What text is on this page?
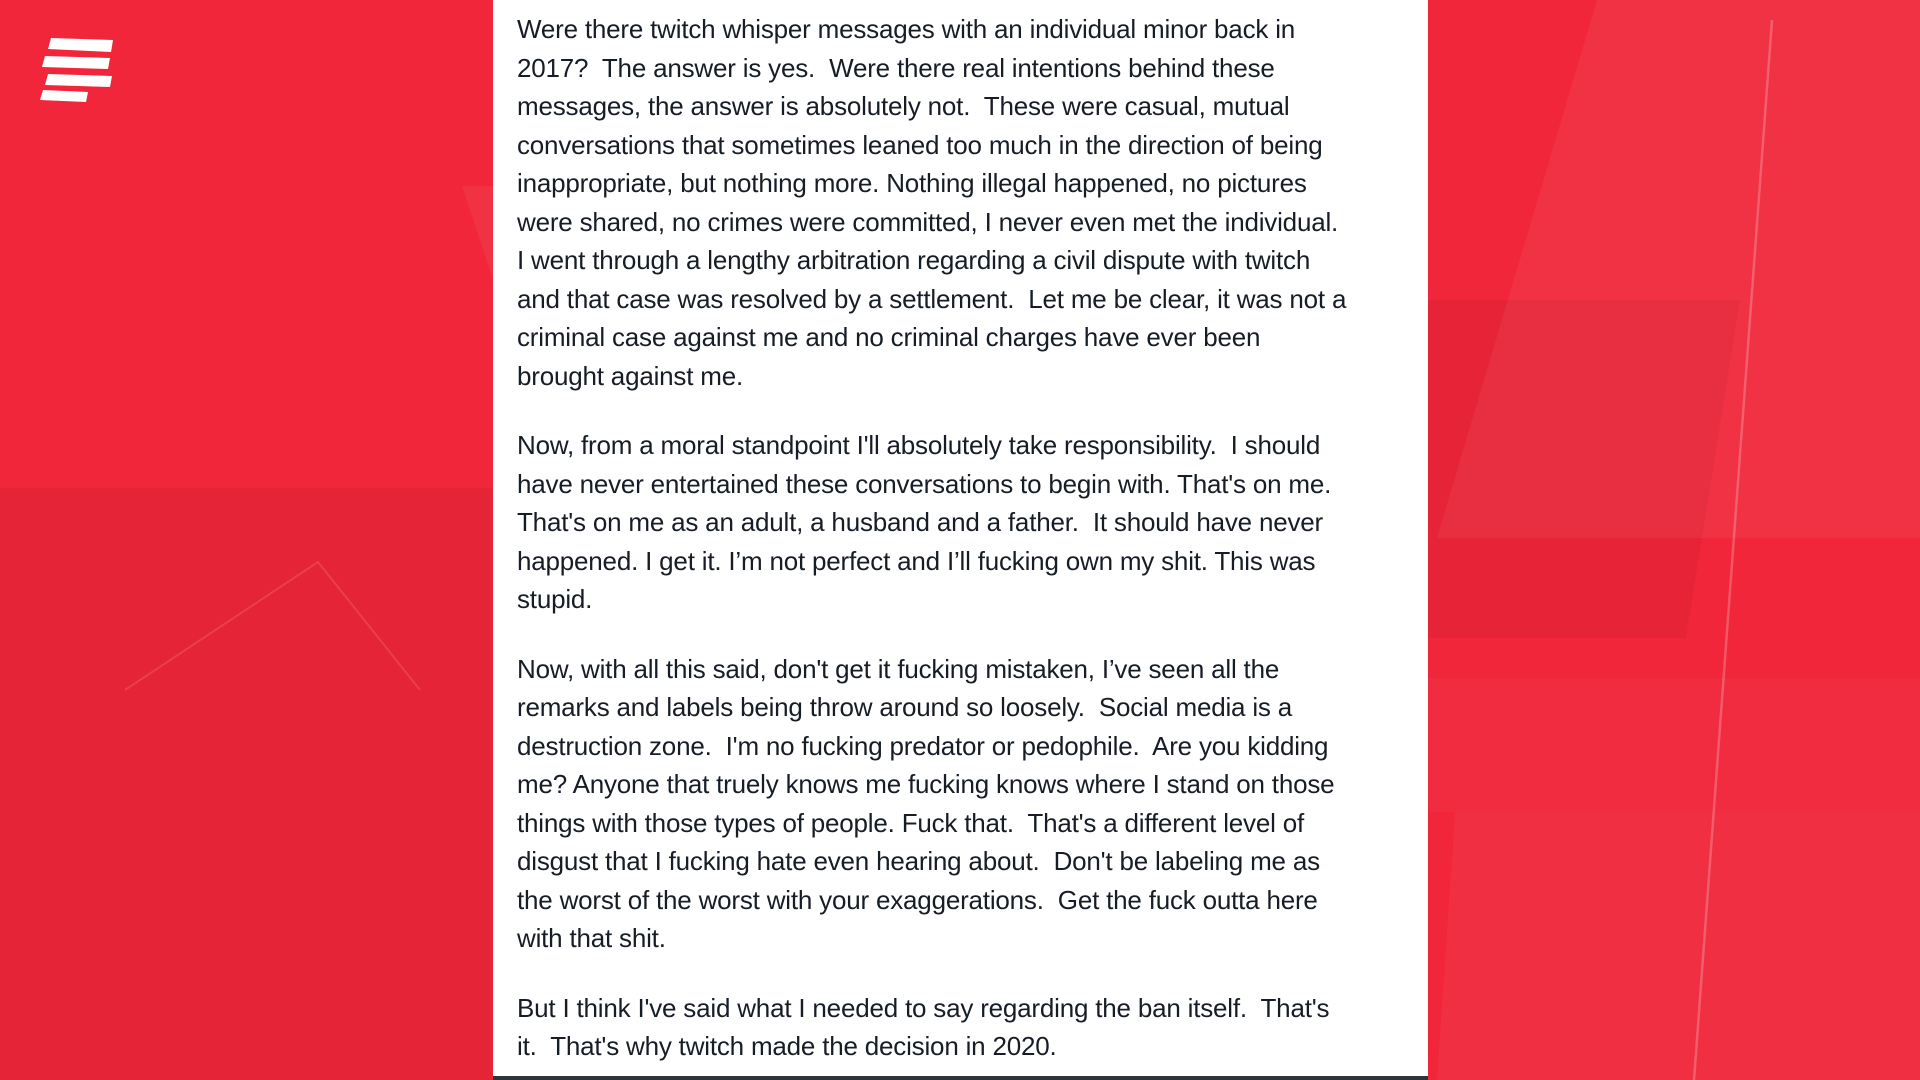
Were there twitch whisper messages with an individual minor back in
2017?  The answer is yes.  Were there real intentions behind these
messages, the answer is absolutely not.  These were casual, mutual
conversations that sometimes leaned too much in the direction of being
inappropriate, but nothing more. Nothing illegal happened, no pictures
were shared, no crimes were committed, I never even met the individual.
I went through a lengthy arbitration regarding a civil dispute with twitch
and that case was resolved by a settlement.  Let me be clear, it was not a
criminal case against me and no criminal charges have ever been
brought against me.
Now, from a moral standpoint I'll absolutely take responsibility.  I should
have never entertained these conversations to begin with. That's on me.
That's on me as an adult, a husband and a father.  It should have never
happened. I get it. I’m not perfect and I’ll fucking own my shit. This was
stupid.
Now, with all this said, don't get it fucking mistaken, I’ve seen all the
remarks and labels being throw around so loosely.  Social media is a
destruction zone.  I'm no fucking predator or pedophile.  Are you kidding
me? Anyone that truely knows me fucking knows where I stand on those
things with those types of people. Fuck that.  That's a different level of
disgust that I fucking hate even hearing about.  Don't be labeling me as
the worst of the worst with your exaggerations.  Get the fuck outta here
with that shit.
But I think I've said what I needed to say regarding the ban itself.  That's
it.  That's why twitch made the decision in 2020.
